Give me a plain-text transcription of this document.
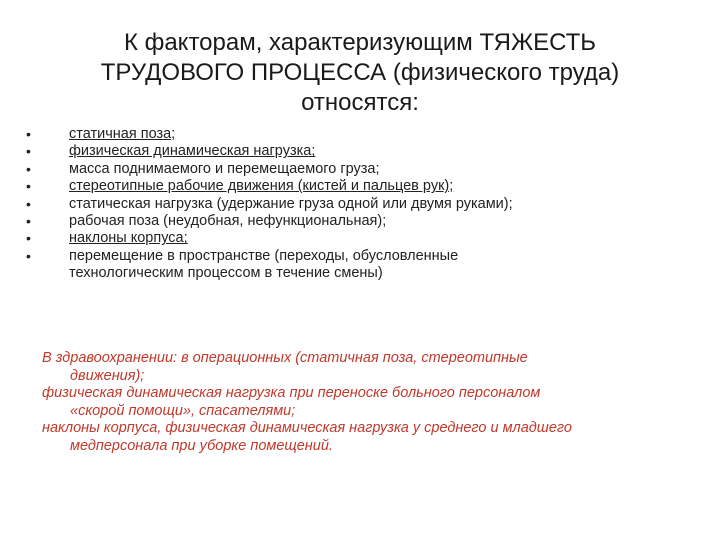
К факторам, характеризующим ТЯЖЕСТЬ
ТРУДОВОГО ПРОЦЕССА (физического труда)
относятся:
•	статичная поза;
•	физическая динамическая нагрузка;
•	масса поднимаемого и перемещаемого груза;
•	стереотипные рабочие движения (кистей и пальцев рук);
•	статическая нагрузка (удержание груза одной или двумя руками);
•	рабочая поза (неудобная, нефункциональная);
•	наклоны корпуса;
•	перемещение в пространстве (переходы, обусловленные
технологическим процессом в течение смены)

В здравоохранении: в операционных (статичная поза, стереотипные
движения);

физическая динамическая нагрузка при переноске больного персоналом
«скорой помощи», спасателями;

наклоны корпуса, физическая динамическая нагрузка у среднего и младшего
медперсонала при уборке помещений.
